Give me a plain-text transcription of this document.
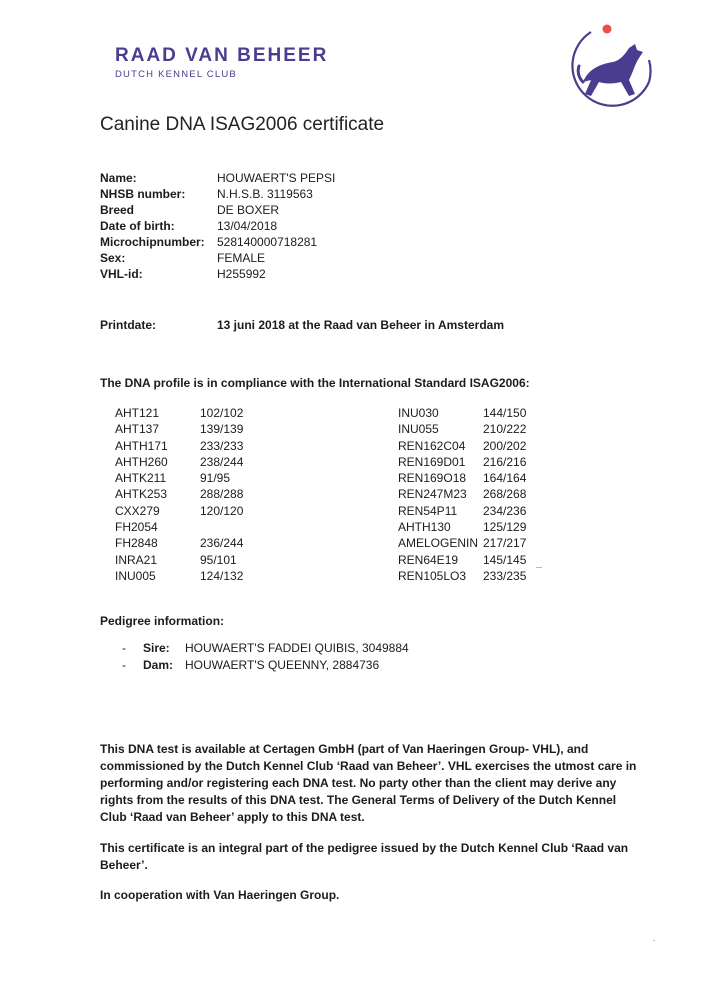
RAAD VAN BEHEER
DUTCH KENNEL CLUB
Canine DNA ISAG2006 certificate
Name:	HOUWAERT'S PEPSI
NHSB number:	N.H.S.B. 3119563
Breed	DE BOXER
Date of birth:	13/04/2018
Microchipnumber: 528140000718281
Sex:	FEMALE
VHL-id:	H255992
Printdate:	13 juni 2018 at the Raad van Beheer in Amsterdam
The DNA profile is in compliance with the International Standard ISAG2006:
AHT121	102/102
AHT137	139/139
AHTH171	233/233
AHTH260	238/244
AHTK211	91/95
AHTK253	288/288
CXX279	120/120
FH2054
FH2848	236/244
INRA21	95/101
INU005	124/132
INU030	144/150
INU055	210/222
REN162C04 200/202
REN169D01 216/216
REN169O18 164/164
REN247M23 268/268
REN54P11 234/236
AHTH130	125/129
AMELOGENIN 217/217
REN64E19 145/145
REN105LO3 233/235
Pedigree information:
- Sire: HOUWAERT'S FADDEI QUIBIS, 3049884
- Dam: HOUWAERT'S QUEENNY, 2884736
This DNA test is available at Certagen GmbH (part of Van Haeringen Group- VHL), and commissioned by the Dutch Kennel Club ‘Raad van Beheer’. VHL exercises the utmost care in performing and/or registering each DNA test. No party other than the client may derive any rights from the results of this DNA test. The General Terms of Delivery of the Dutch Kennel Club ‘Raad van Beheer’ apply to this DNA test.
This certificate is an integral part of the pedigree issued by the Dutch Kennel Club ‘Raad van Beheer’.
In cooperation with Van Haeringen Group.
